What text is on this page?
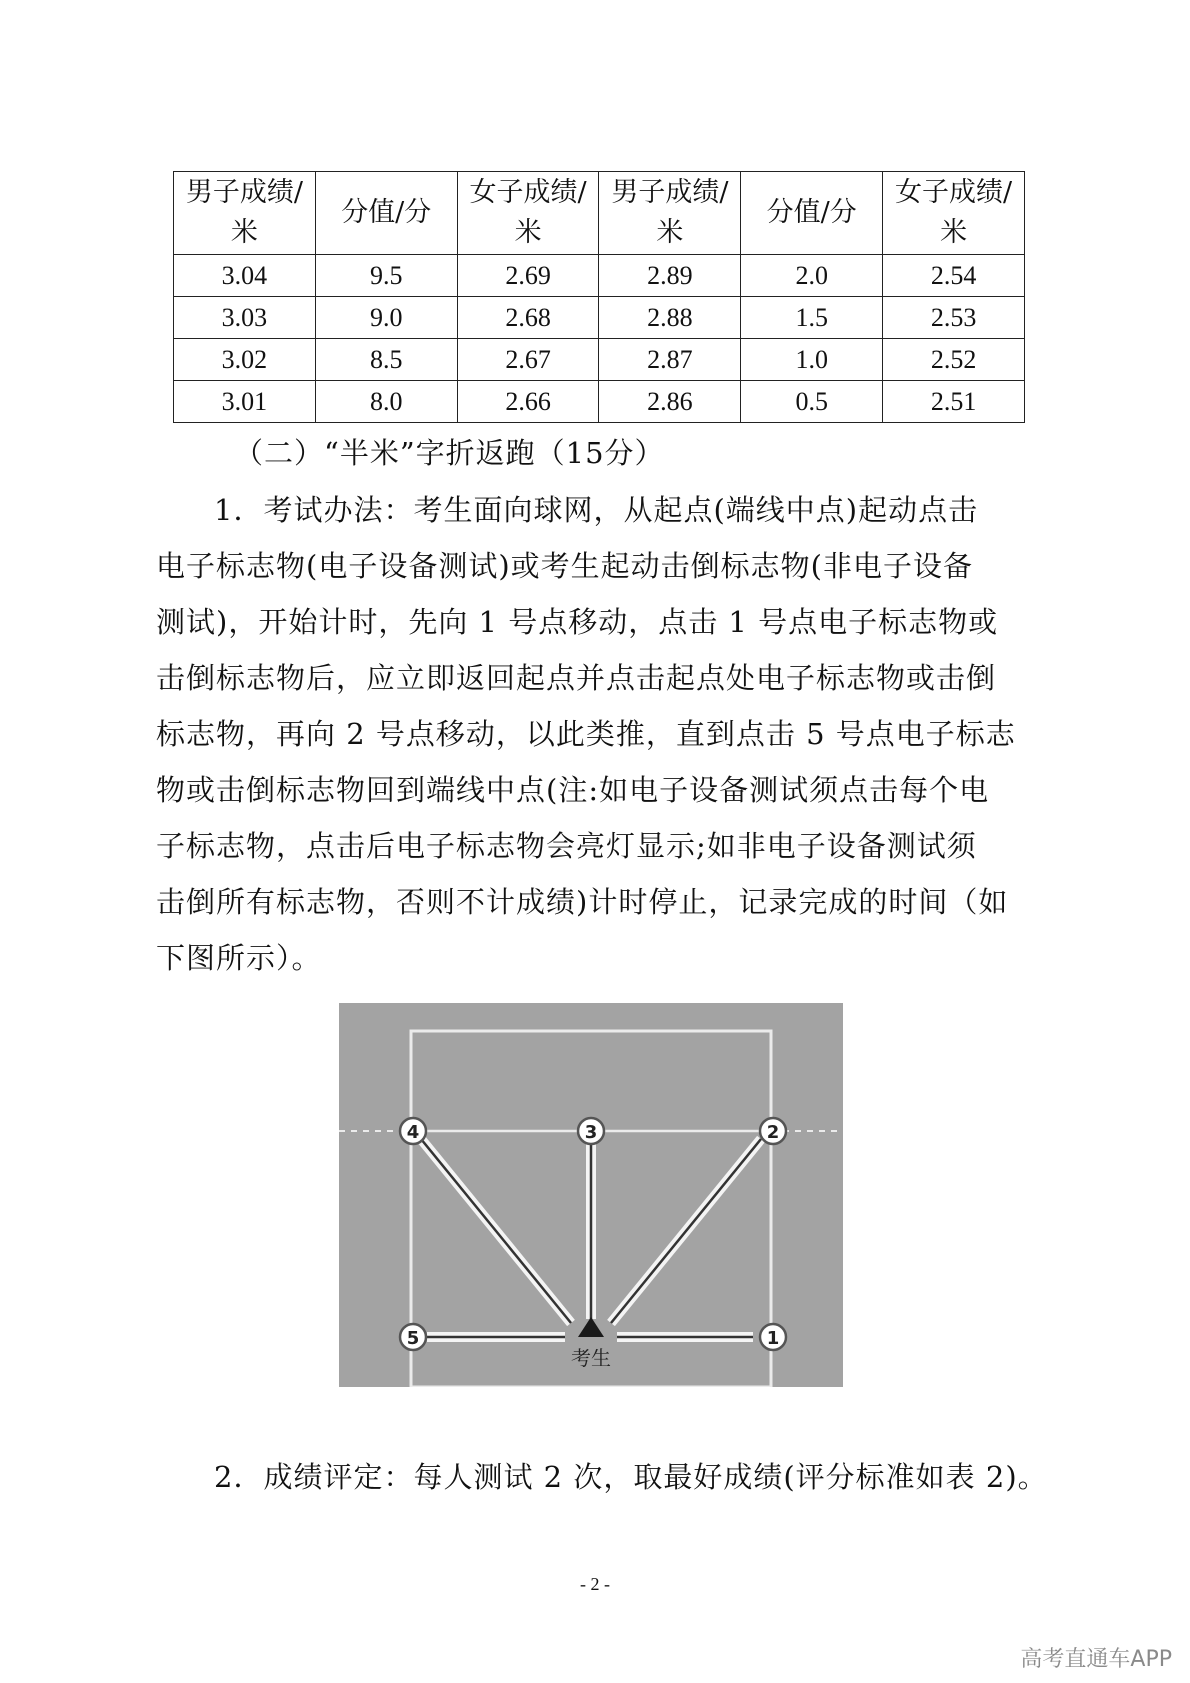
男子成绩/米	分值/分	女子成绩/米	男子成绩/米	分值/分	女子成绩/米
3.04	9.5	2.69	2.89	2.0	2.54
3.03	9.0	2.68	2.88	1.5	2.53
3.02	8.5	2.67	2.87	1.0	2.52
3.01	8.0	2.66	2.86	0.5	2.51
（二）“半米”字折返跑（15分）
1．考试办法：考生面向球网，从起点(端线中点)起动点击
电子标志物(电子设备测试)或考生起动击倒标志物(非电子设备
测试)，开始计时，先向 1 号点移动，点击 1 号点电子标志物或
击倒标志物后，应立即返回起点并点击起点处电子标志物或击倒
标志物，再向 2 号点移动，以此类推，直到点击 5 号点电子标志
物或击倒标志物回到端线中点(注:如电子设备测试须点击每个电
子标志物，点击后电子标志物会亮灯显示;如非电子设备测试须
击倒所有标志物，否则不计成绩)计时停止，记录完成的时间（如
下图所示）。
考生
4	3	2
5	1
2．成绩评定：每人测试 2 次，取最好成绩(评分标准如表 2)。
- 2 -
高考直通车APP
